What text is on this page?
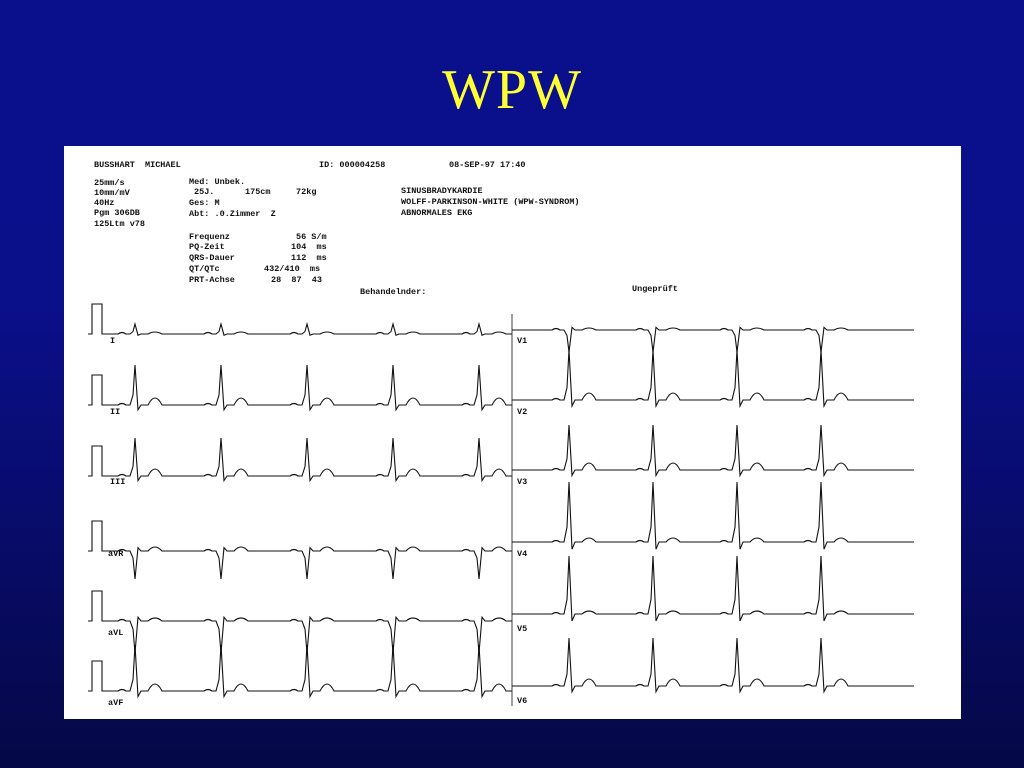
WPW
BUSSHART  MICHAEL	ID: 000004258	08-SEP-97 17:40
25mm/s
10mm/mV
40Hz
Pgm 306DB
125Ltm v78
Med: Unbek.
25J.      175cm     72kg
Ges: M
Abt: .0.Zimmer  Z
Frequenz	56 S/m
PQ-Zeit	104  ms
QRS-Dauer	112  ms
QT/QTc	432/410  ms
PRT-Achse	28  87  43
SINUSBRADYKARDIE
WOLFF-PARKINSON-WHITE (WPW-SYNDROM)
ABNORMALES EKG
Behandelnder:	Ungeprüft
I
II
III
aVR
aVL
aVF
V1
V2
V3
V4
V5
V6
